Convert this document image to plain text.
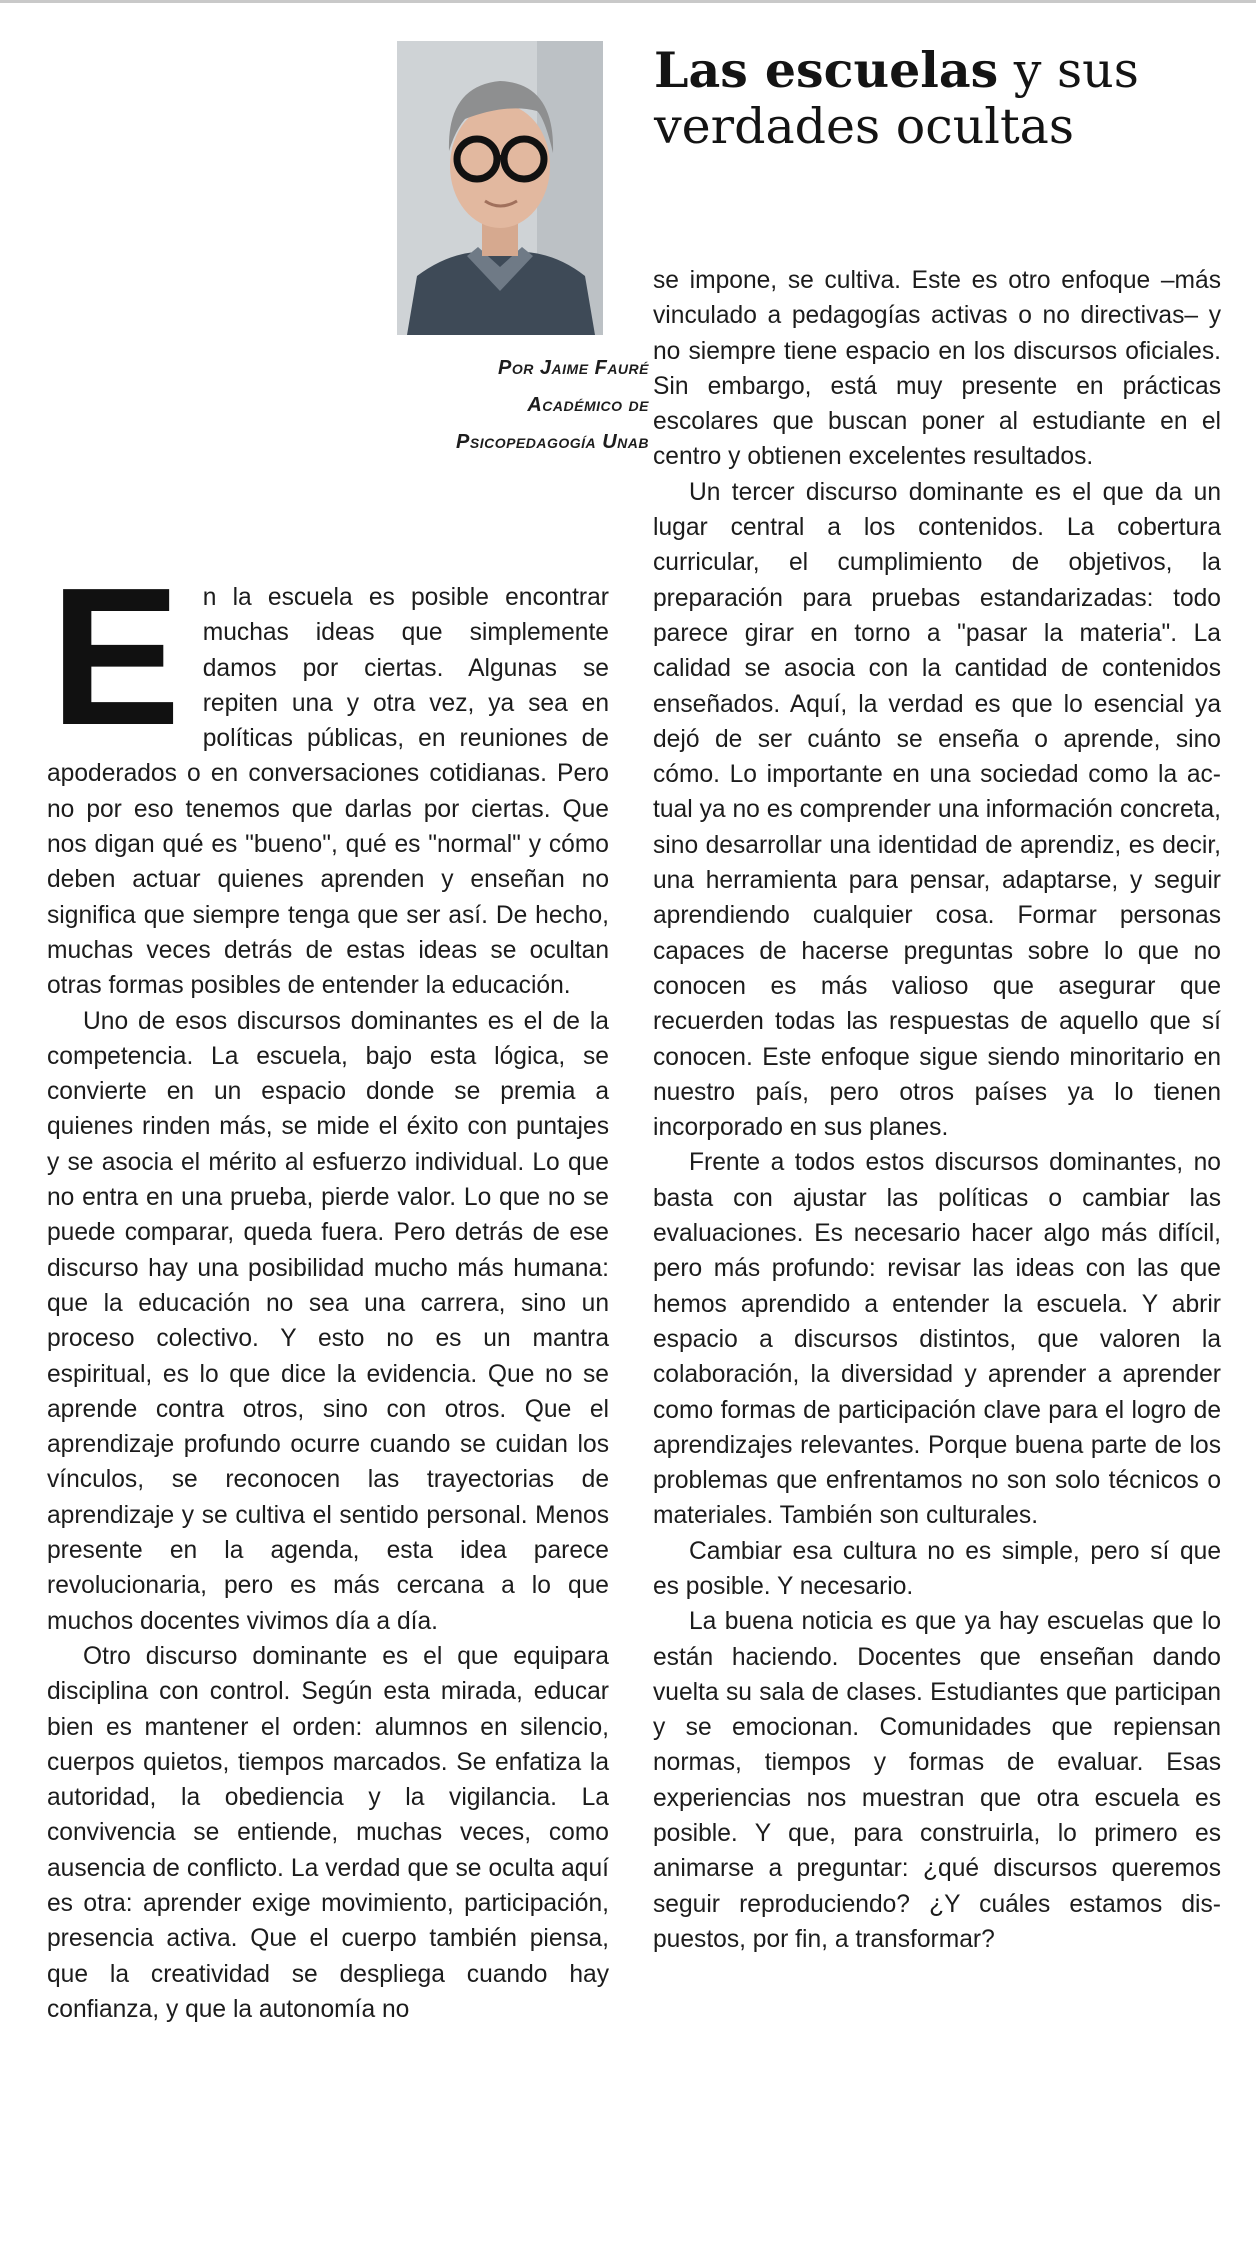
Las escuelas y sus
verdades ocultas
Por Jaime Fauré
Académico de
Psicopedagogía Unab

En la escuela es posible encontrar muchas ideas que simplemente damos por ciertas. Algunas se repiten una y otra vez, ya sea en políticas públicas, en reuniones de apoderados o en conversaciones cotidianas. Pero no por eso tenemos que darlas por ciertas. Que nos digan qué es "bueno", qué es "normal" y cómo deben actuar quienes aprenden y enseñan no significa que siempre tenga que ser así. De hecho, muchas veces detrás de estas ideas se ocultan otras formas posibles de entender la educación.

Uno de esos discursos dominantes es el de la competencia. La escuela, bajo esta lógica, se convierte en un espacio donde se premia a quienes rinden más, se mide el éxito con puntajes y se asocia el mérito al esfuerzo individual. Lo que no entra en una prueba, pierde valor. Lo que no se puede comparar, queda fuera. Pero detrás de ese discurso hay una posibilidad mucho más humana: que la educación no sea una carrera, sino un proceso colectivo. Y esto no es un mantra espiritual, es lo que dice la evidencia. Que no se aprende contra otros, sino con otros. Que el aprendizaje profundo ocurre cuando se cuidan los vínculos, se reconocen las trayectorias de aprendizaje y se cultiva el sentido personal. Menos presente en la agenda, esta idea parece revolucionaria, pero es más cercana a lo que muchos docentes vivimos día a día.

Otro discurso dominante es el que equipara disciplina con control. Según esta mirada, educar bien es mantener el orden: alumnos en silencio, cuerpos quietos, tiempos marcados. Se enfatiza la autoridad, la obediencia y la vigilancia. La convivencia se entiende, muchas veces, como ausencia de conflicto. La verdad que se oculta aquí es otra: aprender exige movimiento, participación, presencia activa. Que el cuerpo también piensa, que la creatividad se despliega cuando hay confianza, y que la autonomía no

se impone, se cultiva. Este es otro enfoque –más vinculado a pedagogías activas o no directivas– y no siempre tiene espacio en los discursos oficiales. Sin embargo, está muy presente en prácticas escolares que buscan poner al estudiante en el centro y obtienen excelentes resultados.

Un tercer discurso dominante es el que da un lugar central a los contenidos. La cobertura curricular, el cumplimiento de objetivos, la preparación para pruebas estandarizadas: todo parece girar en torno a "pasar la materia". La calidad se asocia con la cantidad de contenidos enseñados. Aquí, la verdad es que lo esencial ya dejó de ser cuánto se enseña o aprende, sino cómo. Lo importante en una sociedad como la actual ya no es comprender una información concreta, sino desarrollar una identidad de aprendiz, es decir, una herramienta para pensar, adaptarse, y seguir aprendiendo cualquier cosa. Formar personas capaces de hacerse preguntas sobre lo que no conocen es más valioso que asegurar que recuerden todas las respuestas de aquello que sí conocen. Este enfoque sigue siendo minoritario en nuestro país, pero otros países ya lo tienen incorporado en sus planes.

Frente a todos estos discursos dominantes, no basta con ajustar las políticas o cambiar las evaluaciones. Es necesario hacer algo más difícil, pero más profundo: revisar las ideas con las que hemos aprendido a entender la escuela. Y abrir espacio a discursos distintos, que valoren la colaboración, la diversidad y aprender a aprender como formas de participación clave para el logro de aprendizajes relevantes. Porque buena parte de los problemas que enfrentamos no son solo técnicos o materiales. También son culturales.

Cambiar esa cultura no es simple, pero sí que es posible. Y necesario.

La buena noticia es que ya hay escuelas que lo están haciendo. Docentes que enseñan dando vuelta su sala de clases. Estudiantes que participan y se emocionan. Comunidades que repiensan normas, tiempos y formas de evaluar. Esas experiencias nos muestran que otra escuela es posible. Y que, para construirla, lo primero es animarse a preguntar: ¿qué discursos queremos seguir reproduciendo? ¿Y cuáles estamos dispuestos, por fin, a transformar?
